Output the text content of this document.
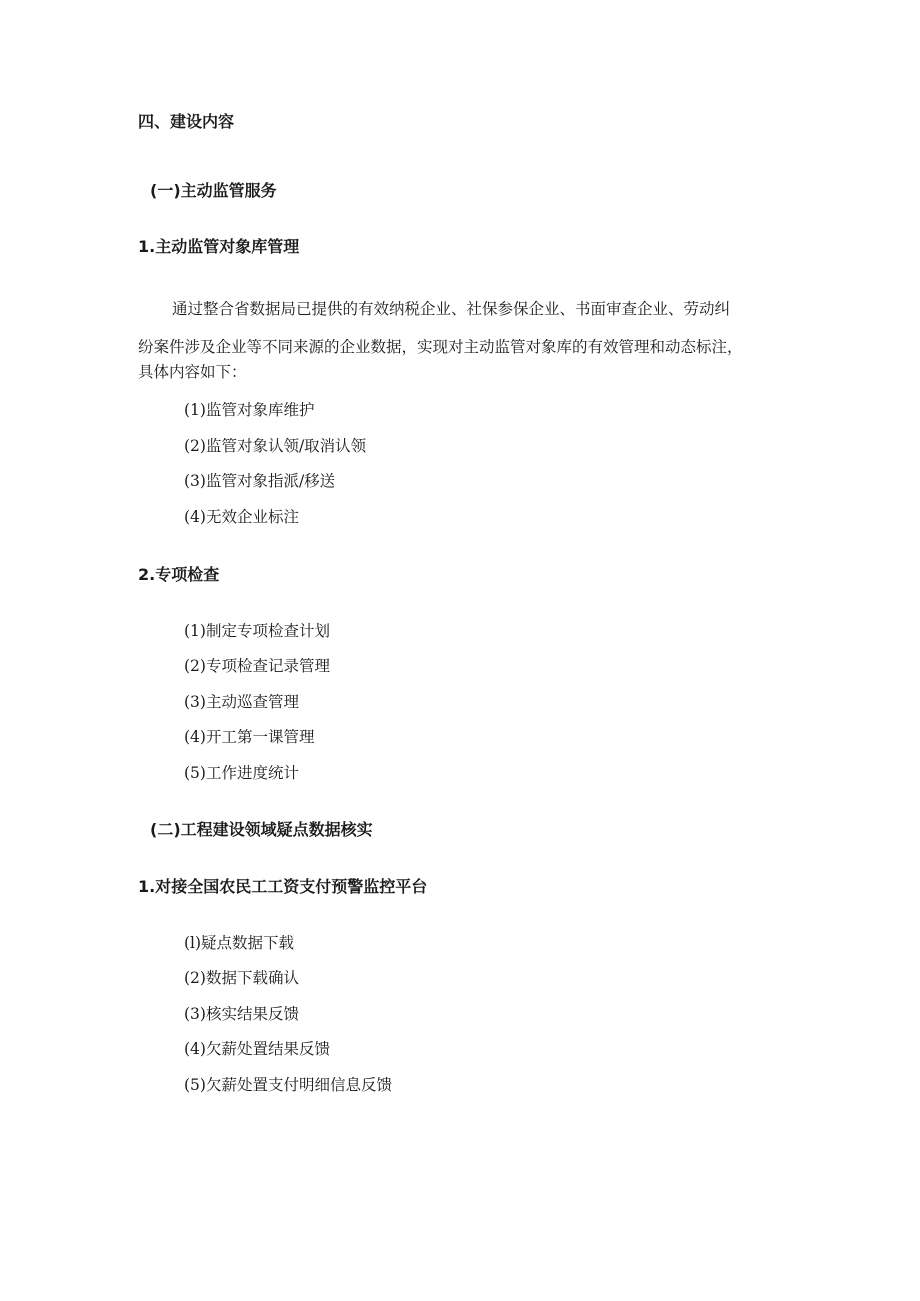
四、建设内容
(一)主动监管服务
1.主动监管对象库管理
通过整合省数据局已提供的有效纳税企业、社保参保企业、书面审查企业、劳动纠
纷案件涉及企业等不同来源的企业数据，实现对主动监管对象库的有效管理和动态标注，
具体内容如下：

(1)监管对象库维护

(2)监管对象认领/取消认领

(3)监管对象指派/移送

(4)无效企业标注

2.专项检查

(1)制定专项检查计划

(2)专项检查记录管理

(3)主动巡查管理

(4)开工第一课管理

(5)工作进度统计

(二)工程建设领域疑点数据核实
1.对接全国农民工工资支付预警监控平台

(l)疑点数据下载

(2)数据下载确认

(3)核实结果反馈

(4)欠薪处置结果反馈

(5)欠薪处置支付明细信息反馈
